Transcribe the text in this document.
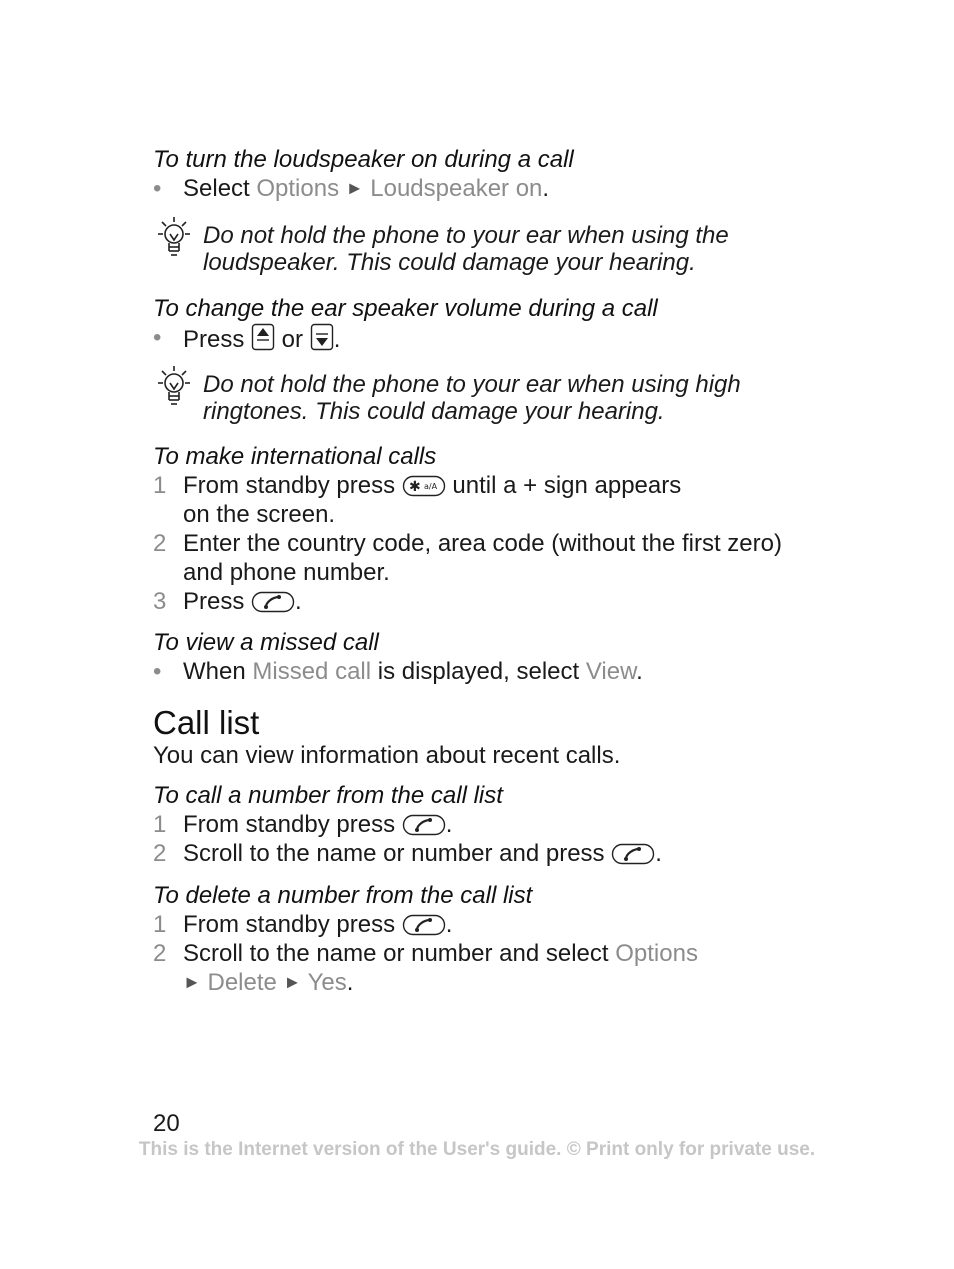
To turn the loudspeaker on during a call
• Select Options ► Loudspeaker on.
Do not hold the phone to your ear when using the
loudspeaker. This could damage your hearing.
To change the ear speaker volume during a call
• Press  or .
Do not hold the phone to your ear when using high
ringtones. This could damage your hearing.
To make international calls
1 From standby press ✱ a/A until a + sign appears
on the screen.
2 Enter the country code, area code (without the first zero)
and phone number.
3 Press .
To view a missed call
• When Missed call is displayed, select View.
Call list
You can view information about recent calls.
To call a number from the call list
1 From standby press .
2 Scroll to the name or number and press .
To delete a number from the call list
1 From standby press .
2 Scroll to the name or number and select Options
► Delete ► Yes.
20
This is the Internet version of the User's guide. © Print only for private use.
